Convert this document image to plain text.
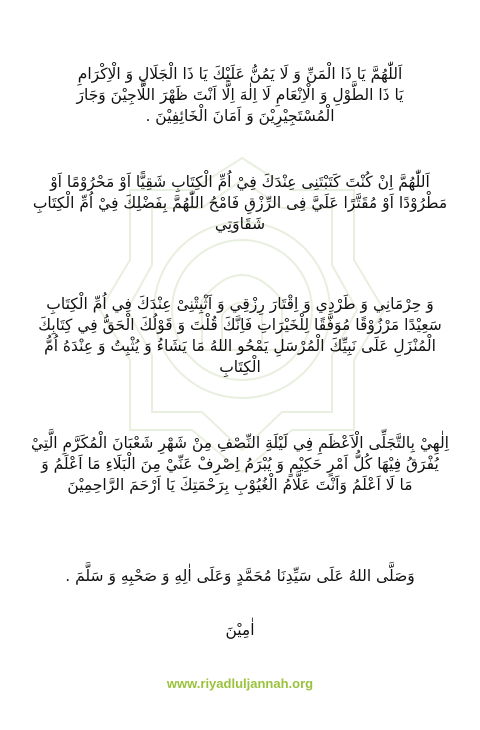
اَللّٰهُمَّ يَا ذَا الْمَنِّ وَ لَا يَمُنُّ عَلَيْكَ يَا ذَا الْجَلَالِ وَ الْاِكْرَامِ
يَا ذَا الطَّوْلِ وَ الْاِنْعَامِ لَا اِلٰهَ اِلَّا اَنْتَ ظَهْرَ اللَّاجِيْنَ وَجَارَ
الْمُسْتَجِيْرِيْنَ وَ اَمَانَ الْخَائِفِيْنَ .
اَللّٰهُمَّ اِنْ كُنْتَ كَتَبْتَنِى عِنْدَكَ فِيْ اُمِّ الْكِتَابِ شَقِيًّا اَوْ مَحْرُوْمًا اَوْ
مَطْرُوْدًا اَوْ مُقَتَّرًا عَلَيَّ فِى الرِّزْقِ فَامْحُ اللّٰهُمَّ بِفَضْلِكَ فِيْ اُمِّ الْكِتَابِ
شَقَاوَتِي
وَ حِرْمَانِي وَ طَرْدِي وَ اِقْتَارَ رِزْقِي وَ اَثْبِتْنِىْ عِنْدَكَ فِي اُمِّ الْكِتَابِ
سَعِيْدًا مَرْزُوْقًا مُوَفَّقًا لِلْخَيْرَاتِ فَاِنَّكَ قُلْتَ وَ قَوْلُكَ الْحَقُّ فِي كِتَابِكَ
الْمُنْزَلِ عَلَى نَبِيِّكَ الْمُرْسَلِ يَمْحُو اللهُ مَا يَشَاءُ وَ يُثْبِتُ وَ عِنْدَهُ اُمُّ
الْكِتَابِ
اِلٰهِيْ بِالتَّجَلِّى الْاَعْظَمِ فِي لَيْلَةِ النِّصْفِ مِنْ شَهْرِ شَعْبَانَ الْمُكَرَّمِ الَّتِيْ
يُفْرَقُ فِيْهَا كُلُّ اَمْرٍ حَكِيْمٍ وَ يُبْرَمُ اِصْرِفْ عَنِّيْ مِنَ الْبَلَاءِ مَا اَعْلَمُ وَ
مَا لَا اَعْلَمُ وَاَنْتَ عَلَّامُ الْغُيُوْبِ بِرَحْمَتِكَ يَا اَرْحَمَ الرَّاحِمِيْنَ
وَصَلَّى اللهُ عَلَى سَيِّدِنَا مُحَمَّدٍ وَعَلَى اٰلِهِ وَ صَحْبِهِ وَ سَلَّمَ .
اٰمِيْنَ
www.riyadluljannah.org
